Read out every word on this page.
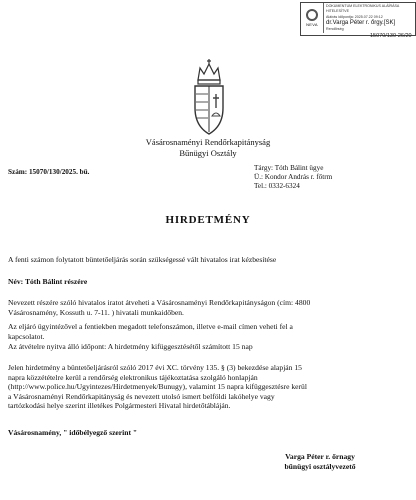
NEVA
DOKUMENTUM ELEKTRONIKUS ALÁÍRÁSA HITELESÍTVE
Aláírás időpontja: 2025.07.22 09:12
dr.Varga Péter r. őrgy.[SK]
Rendőrség
15070/130-26/20
Vásárosnaményi Rendőrkapitányság
Bűnügyi Osztály
Szám: 15070/130/2025. bü.	Tárgy: Tóth Bálint ügye
Ü.: Kondor András r. főtrm
Tel.: 0332-6324
HIRDETMÉNY
A fenti számon folytatott büntetőeljárás során szükségessé vált hivatalos irat kézbesítése
Név: Tóth Bálint részére
Nevezett részére szóló hivatalos iratot átveheti a Vásárosnaményi Rendőrkapitányságon (cím: 4800
Vásárosnamény, Kossuth u. 7-11. ) hivatali munkaidőben.
Az eljáró ügyintézővel a fentiekben megadott telefonszámon, illetve e-mail címen veheti fel a
kapcsolatot.
Az átvételre nyitva álló időpont: A hirdetmény kifüggesztésétől számított 15 nap
Jelen hirdetmény a büntetőeljárásról szóló 2017 évi XC. törvény 135. § (3) bekezdése alapján 15
napra közzétételre kerül a rendőrség elektronikus tájékoztatása szolgáló honlapján
(http://www.police.hu/Ugyintezes/Hirdetmenyek/Bunugy), valamint 15 napra kifüggesztésre kerül
a Vásárosnaményi Rendőrkapitányság és nevezett utolsó ismert belföldi lakóhelye vagy
tartózkodási helye szerint illetékes Polgármesteri Hivatal hirdetőtábláján.
Vásárosnamény, " időbélyegző szerint "
Varga Péter r. őrnagy
bűnügyi osztályvezető
